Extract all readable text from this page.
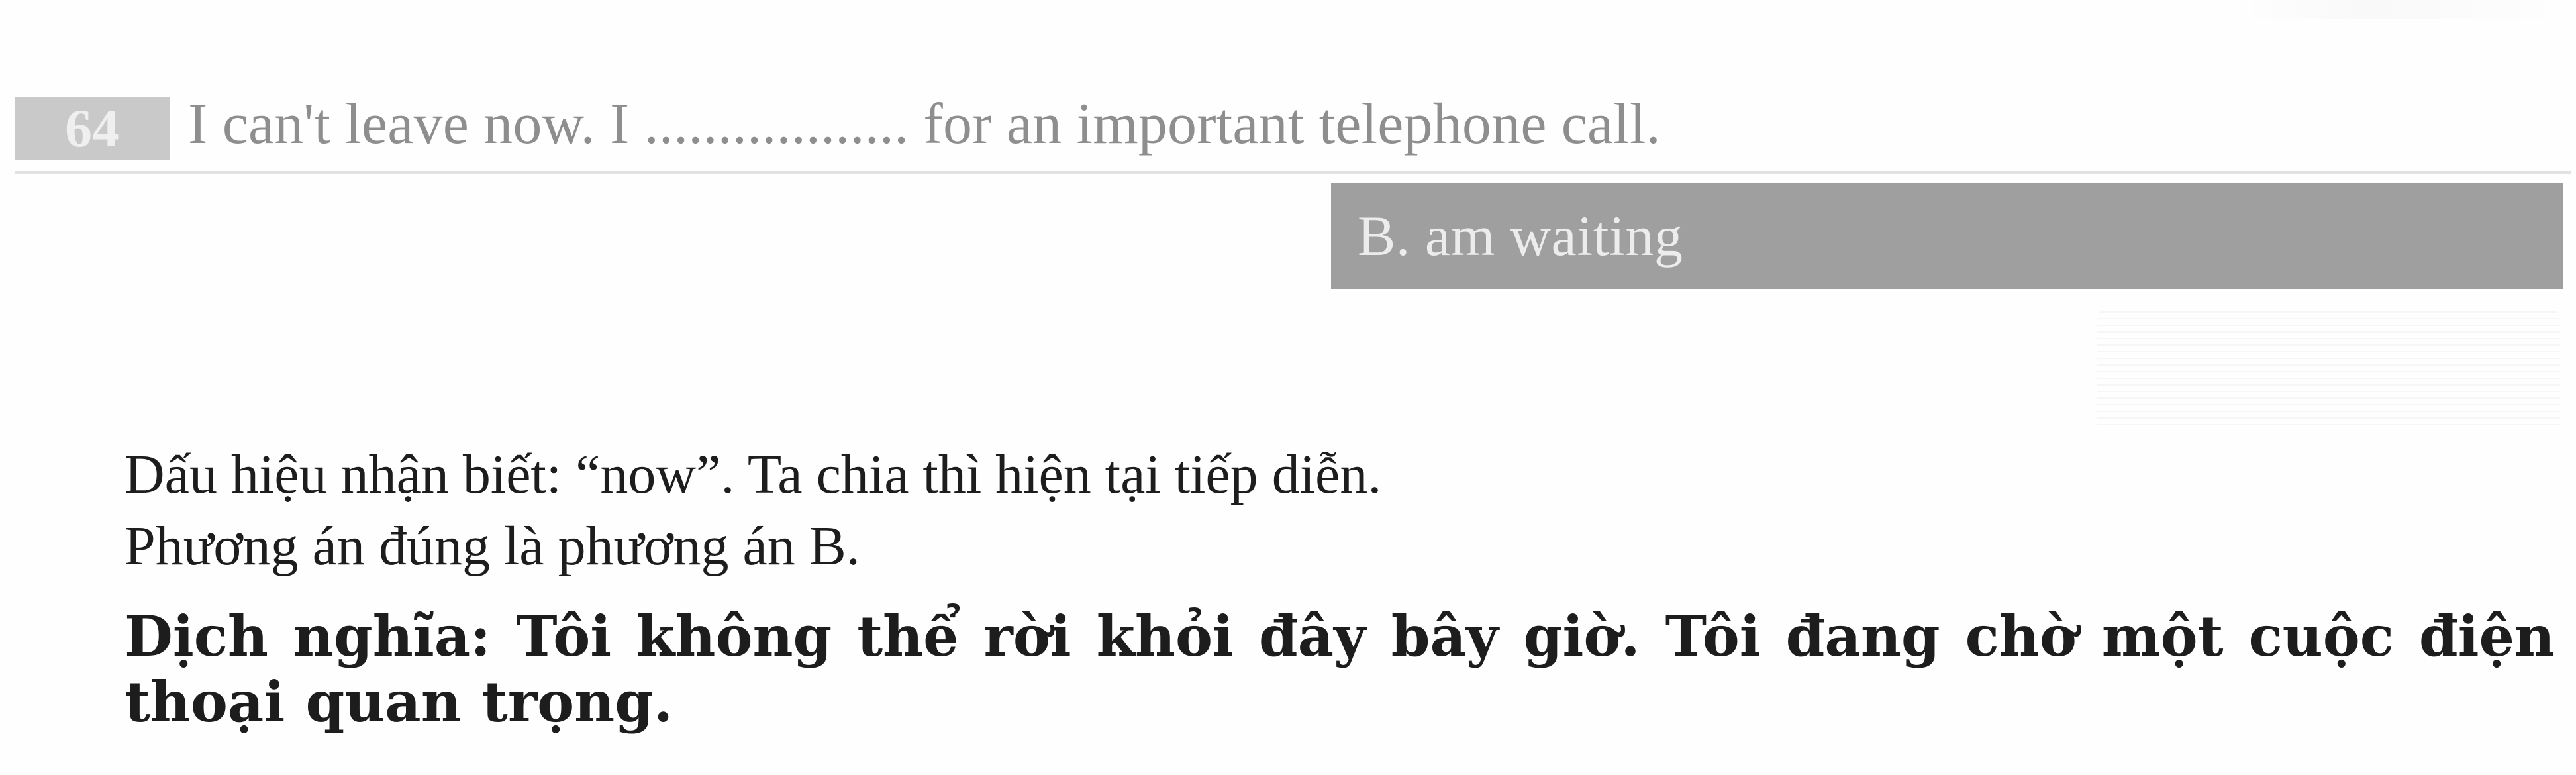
64	I can't leave now. I .................. for an important telephone call.
B. am waiting

Dấu hiệu nhận biết: “now”. Ta chia thì hiện tại tiếp diễn.

Phương án đúng là phương án B.

Dịch nghĩa: Tôi không thể rời khỏi đây bây giờ. Tôi đang chờ một cuộc điện thoại quan trọng.
